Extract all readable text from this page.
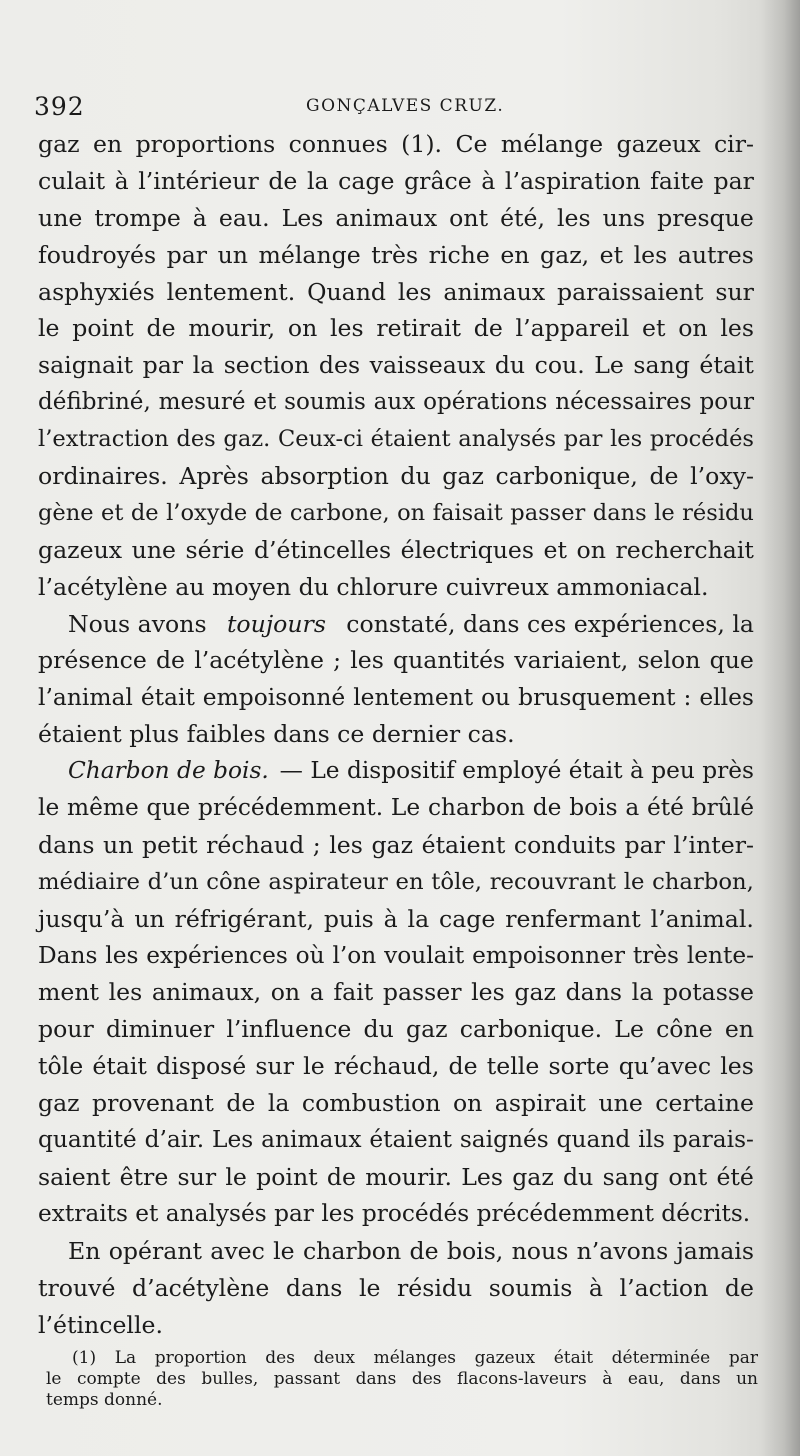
392	GONÇALVES CRUZ.
gaz en proportions connues (1). Ce mélange gazeux cir-
culait à l’intérieur de la cage grâce à l’aspiration faite par
une trompe à eau. Les animaux ont été, les uns presque
foudroyés par un mélange très riche en gaz, et les autres
asphyxiés lentement. Quand les animaux paraissaient sur
le point de mourir, on les retirait de l’appareil et on les
saignait par la section des vaisseaux du cou. Le sang était
défibriné, mesuré et soumis aux opérations nécessaires pour
l’extraction des gaz. Ceux-ci étaient analysés par les procédés
ordinaires. Après absorption du gaz carbonique, de l’oxy-
gène et de l’oxyde de carbone, on faisait passer dans le résidu
gazeux une série d’étincelles électriques et on recherchait
l’acétylène au moyen du chlorure cuivreux ammoniacal.
Nous avons toujours constaté, dans ces expériences, la
présence de l’acétylène ; les quantités variaient, selon que
l’animal était empoisonné lentement ou brusquement : elles
étaient plus faibles dans ce dernier cas.
Charbon de bois. — Le dispositif employé était à peu près
le même que précédemment. Le charbon de bois a été brûlé
dans un petit réchaud ; les gaz étaient conduits par l’inter-
médiaire d’un cône aspirateur en tôle, recouvrant le charbon,
jusqu’à un réfrigérant, puis à la cage renfermant l’animal.
Dans les expériences où l’on voulait empoisonner très lente-
ment les animaux, on a fait passer les gaz dans la potasse
pour diminuer l’influence du gaz carbonique. Le cône en
tôle était disposé sur le réchaud, de telle sorte qu’avec les
gaz provenant de la combustion on aspirait une certaine
quantité d’air. Les animaux étaient saignés quand ils parais-
saient être sur le point de mourir. Les gaz du sang ont été
extraits et analysés par les procédés précédemment décrits.
En opérant avec le charbon de bois, nous n’avons jamais
trouvé d’acétylène dans le résidu soumis à l’action de
l’étincelle.
(1) La proportion des deux mélanges gazeux était déterminée par
le compte des bulles, passant dans des flacons-laveurs à eau, dans un
temps donné.
